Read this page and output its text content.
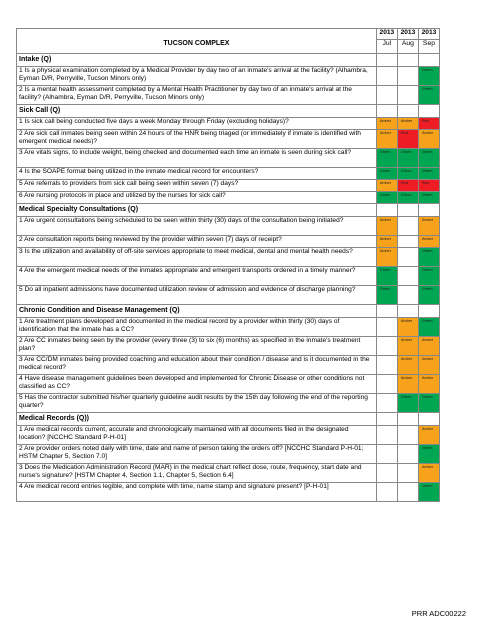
	2013	2013	2013
TUCSON COMPLEX	Jul	Aug	Sep
Intake (Q)			
1 Is a physical examination completed by a Medical Provider by day two of an inmate's arrival at the facility? (Alhambra, Eyman D/R, Perryville, Tucson Minors only)			Green

2 Is a mental health assessment completed by a Mental Health Practitioner by day two of an inmate's arrival at the facility? (Alhambra, Eyman D/R, Perryville, Tucson Minors only)			Green

Sick Call (Q)			
1 Is sick call being conducted five days a week Monday through Friday (excluding holidays)?	Amber	Amber	Red

2 Are sick call inmates being seen within 24 hours of the HNR being triaged (or immediately if inmate is identified with emergent medical needs)?	Amber	Red	Amber

3 Are vitals signs, to include weight, being checked and documented each time an inmate is seen during sick call?	Green	Green	Green

4 Is the SOAPE format being utilized in the inmate medical record for encounters?	Green	Green	Green

5 Are referrals to providers from sick call being seen within seven (7) days?	Amber	Red	Red

6 Are nursing protocols in place and utilized by the nurses for sick call?	Green	Green	Green

Medical Specialty Consultations (Q)			
1 Are urgent consultations being scheduled to be seen within thirty (30) days of the consultation being initiated?	Amber		Amber

2 Are consultation reports being reviewed by the provider within seven (7) days of receipt?	Amber		Amber

3 Is the utilization and availability of off-site services appropriate to meet medical, dental and mental health needs?	Amber		Green

4 Are the emergent medical needs of the inmates appropriate and emergent transports ordered in a timely manner?	Green		Green

5 Do all inpatient admissions have documented utilization review of admission and evidence of discharge planning?	Green		Green

Chronic Condition and Disease Management (Q)			
1 Are treatment plans developed and documented in the medical record by a provider within thirty (30) days of identification that the inmate has a CC?		Amber	Green

2 Are CC inmates being seen by the provider (every three (3) to six (6) months) as specified in the inmate's treatment plan?		Amber	Amber

3 Are CC/DM inmates being provided coaching and education about their condition / disease and is it documented in the medical record?		Amber	Amber

4 Have disease management guidelines been developed and implemented for Chronic Disease or other conditions not classified as CC?		Amber	Amber

5 Has the contractor submitted his/her quarterly guideline audit results by the 15th day following the end of the reporting quarter?		Green	Green

Medical Records (Q))			
1 Are medical records current, accurate and chronologically maintained with all documents filed in the designated location? [NCCHC Standard P-H-01]			Amber

2 Are provider orders noted daily with time, date and name of person taking the orders off? [NCCHC Standard P-H-01; HSTM Chapter 5, Section 7.0]			Green

3 Does the Medication Administration Record (MAR) in the medical chart reflect dose, route, frequency, start date and nurse's signature? [HSTM Chapter 4, Section 1.1, Chapter 5, Section 6.4]			Amber

4 Are medical record entries legible, and complete with time, name stamp and signature present? [P-H-01]			Green
PRR ADC00222
